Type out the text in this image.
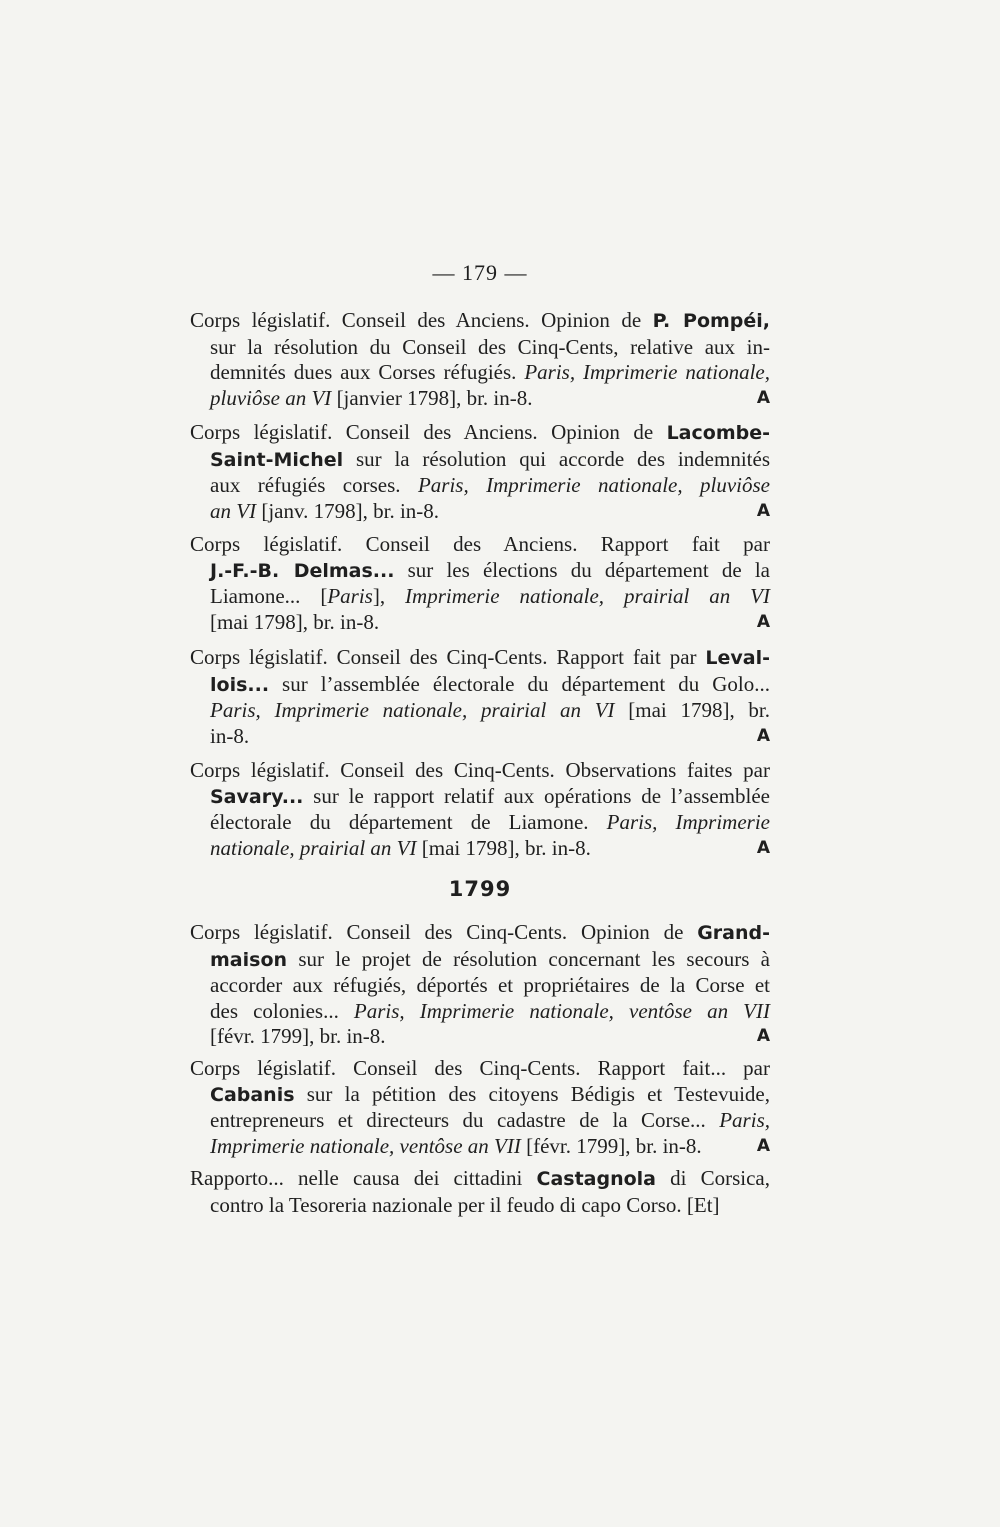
— 179 —
Corps législatif. Conseil des Anciens. Opinion de P. Pompéi,
sur la résolution du Conseil des Cinq-Cents, relative aux in-
demnités dues aux Corses réfugiés. Paris, Imprimerie nationale,
pluviôse an VI [janvier 1798], br. in-8.	A
Corps législatif. Conseil des Anciens. Opinion de Lacombe-
Saint-Michel sur la résolution qui accorde des indemnités
aux réfugiés corses. Paris, Imprimerie nationale, pluviôse
an VI [janv. 1798], br. in-8.	A
Corps législatif. Conseil des Anciens. Rapport fait par
J.-F.-B. Delmas... sur les élections du département de la
Liamone... [Paris], Imprimerie nationale, prairial an VI
[mai 1798], br. in-8.	A
Corps législatif. Conseil des Cinq-Cents. Rapport fait par Leval-
lois... sur l’assemblée électorale du département du Golo...
Paris, Imprimerie nationale, prairial an VI [mai 1798], br.
in-8.	A
Corps législatif. Conseil des Cinq-Cents. Observations faites par
Savary... sur le rapport relatif aux opérations de l’assemblée
électorale du département de Liamone. Paris, Imprimerie
nationale, prairial an VI [mai 1798], br. in-8.	A
1799
Corps législatif. Conseil des Cinq-Cents. Opinion de Grand-
maison sur le projet de résolution concernant les secours à
accorder aux réfugiés, déportés et propriétaires de la Corse et
des colonies... Paris, Imprimerie nationale, ventôse an VII
[févr. 1799], br. in-8.	A
Corps législatif. Conseil des Cinq-Cents. Rapport fait... par
Cabanis sur la pétition des citoyens Bédigis et Testevuide,
entrepreneurs et directeurs du cadastre de la Corse... Paris,
Imprimerie nationale, ventôse an VII [févr. 1799], br. in-8.	A
Rapporto... nelle causa dei cittadini Castagnola di Corsica,
contro la Tesoreria nazionale per il feudo di capo Corso. [Et]
